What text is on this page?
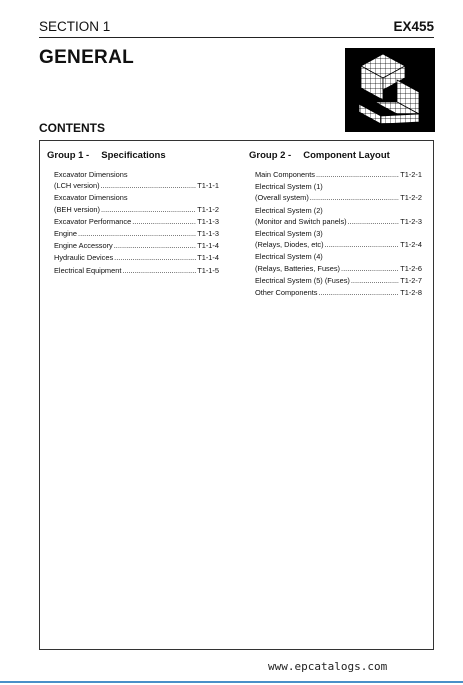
SECTION 1	EX455
GENERAL
CONTENTS
Group 1 - Specifications	Group 2 - Component Layout
Excavator Dimensions
(LCH version) .....	T1-1-1
Excavator Dimensions
(BEH version) .....	T1-1-2
Excavator Performance .....	T1-1-3
Engine .....	T1-1-3
Engine Accessory .....	T1-1-4
Hydraulic Devices .....	T1-1-4
Electrical Equipment .....	T1-1-5
Main Components .....	T1-2-1
Electrical System (1)
(Overall system) .....	T1-2-2
Electrical System (2)
(Monitor and Switch panels) .....	T1-2-3
Electrical System (3)
(Relays, Diodes, etc) .....	T1-2-4
Electrical System (4)
(Relays, Batteries, Fuses) .....	T1-2-6
Electrical System (5) (Fuses) .....	T1-2-7
Other Components .....	T1-2-8
www.epcatalogs.com
